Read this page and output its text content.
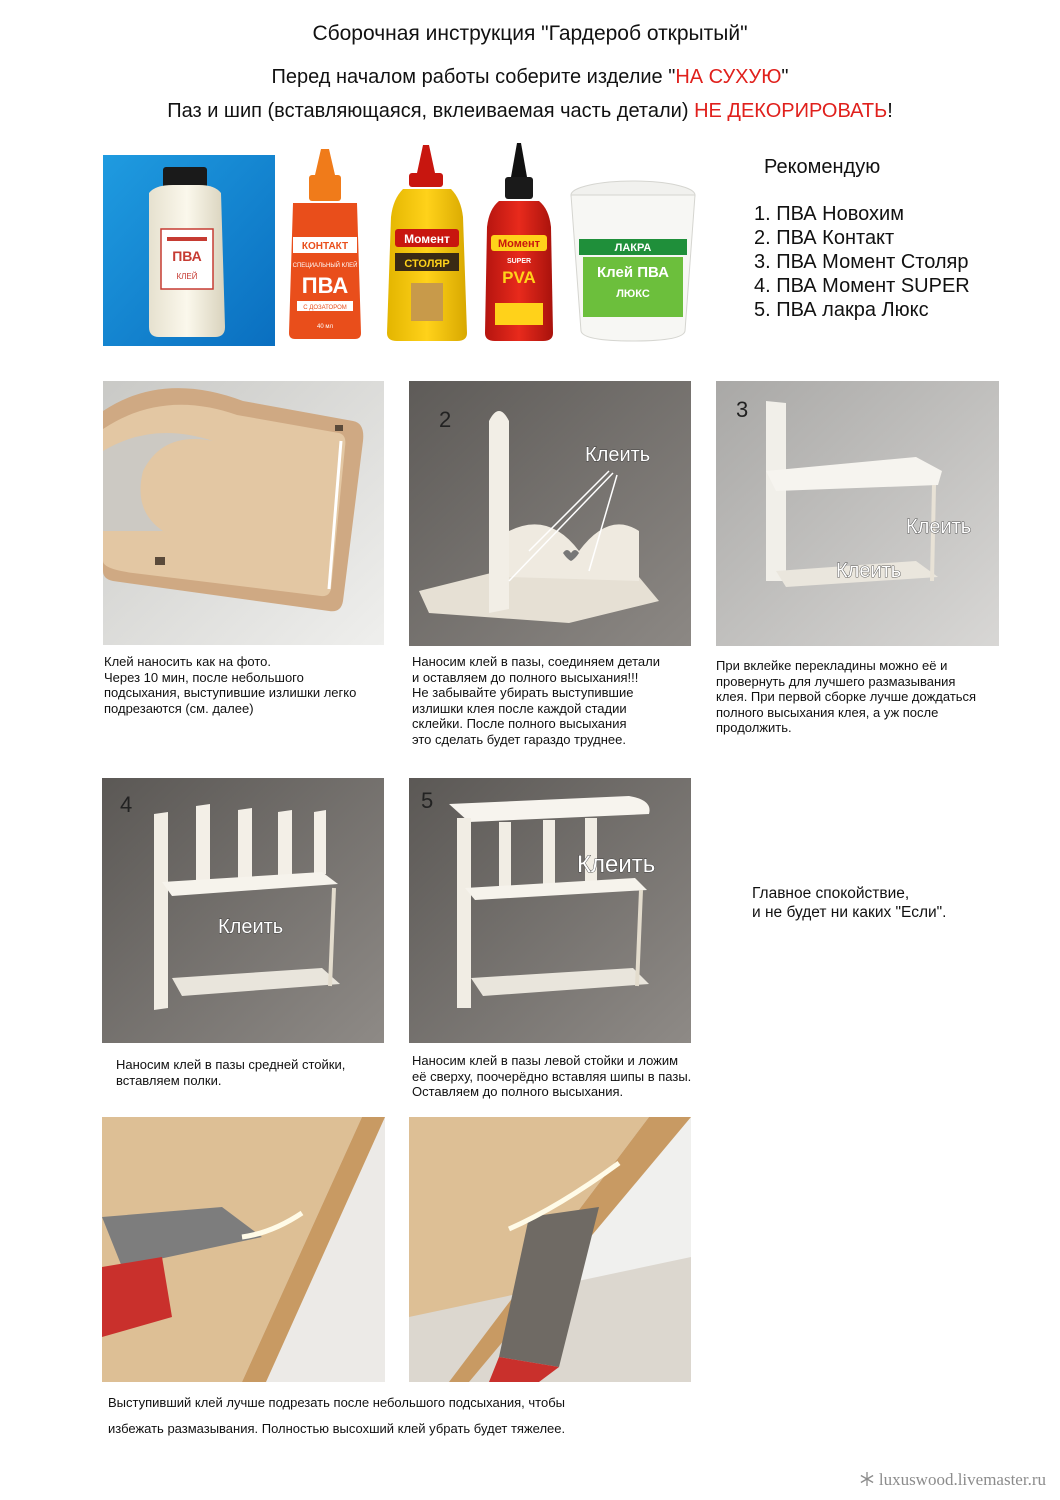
Сборочная инструкция "Гардероб открытый"
Перед началом работы соберите изделие "НА СУХУЮ"
Паз и шип (вставляющаяся, вклеиваемая часть детали) НЕ ДЕКОРИРОВАТЬ!
ПВА
КЛЕЙ
КОНТАКТ
СПЕЦИАЛЬНЫЙ КЛЕЙ
ПВА
С ДОЗАТОРОМ
40 мл
Момент
СТОЛЯР
Момент
SUPER
PVA
ЛАКРА
Клей ПВА
ЛЮКС
Рекомендую
1. ПВА Новохим
2. ПВА Контакт
3. ПВА Момент Столяр
4. ПВА Момент SUPER
5. ПВА лакра Люкс
2
Клеить
3
Клеить
Клеить
4
Клеить
5
Клеить

Клей наносить как на фото.

Через 10 мин, после небольшого

подсыхания, выступившие излишки легко

подрезаются (см. далее)

Наносим клей в пазы, соединяем детали

и оставляем до полного высыхания!!!

Не забывайте убирать выступившие

излишки клея после каждой стадии

склейки. После полного высыхания

это сделать будет гараздо труднее.

При вклейке перекладины можно её и

провернуть для лучшего размазывания

клея. При первой сборке лучше дождаться

полного высыхания клея, а уж после

продолжить.

Наносим клей в пазы средней стойки,

вставляем полки.

Наносим клей в пазы левой стойки и ложим

её сверху, поочерёдно вставляя шипы в пазы.

Оставляем до полного высыхания.

Выступивший клей лучше подрезать после небольшого подсыхания, чтобы

избежать размазывания. Полностью высохший клей убрать будет тяжелее.

Главное спокойствие,

и не будет ни каких "Если".

luxuswood.livemaster.ru
